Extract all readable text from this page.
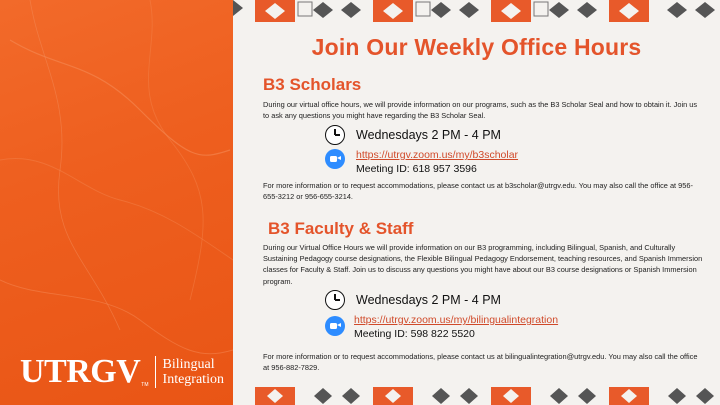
UTRGV TM
Bilingual
Integration
Join Our Weekly Office Hours
B3 Scholars
During our virtual office hours, we will provide information on our programs, such as the B3 Scholar Seal and how to obtain it. Join us to ask any questions you might have regarding the B3 Scholar Seal.
Wednesdays 2 PM - 4 PM
https://utrgv.zoom.us/my/b3scholar
Meeting ID: 618 957 3596
For more information or to request accommodations, please contact us at b3scholar@utrgv.edu. You may also call the office at 956-655-3212 or 956-655-3214.
B3 Faculty & Staff
During our Virtual Office Hours we will provide information on our B3 programming, including Bilingual, Spanish, and Culturally Sustaining Pedagogy course designations, the Flexible Bilingual Pedagogy Endorsement, teaching resources, and Spanish Immersion classes for Faculty & Staff. Join us to discuss any questions you might have about our B3 course designations or Spanish Immersion program.
Wednesdays 2 PM - 4 PM
https://utrgv.zoom.us/my/bilingualintegration
Meeting ID: 598 822 5520
For more information or to request accommodations, please contact us at bilingualintegration@utrgv.edu. You may also call the office at 956-882-7829.
